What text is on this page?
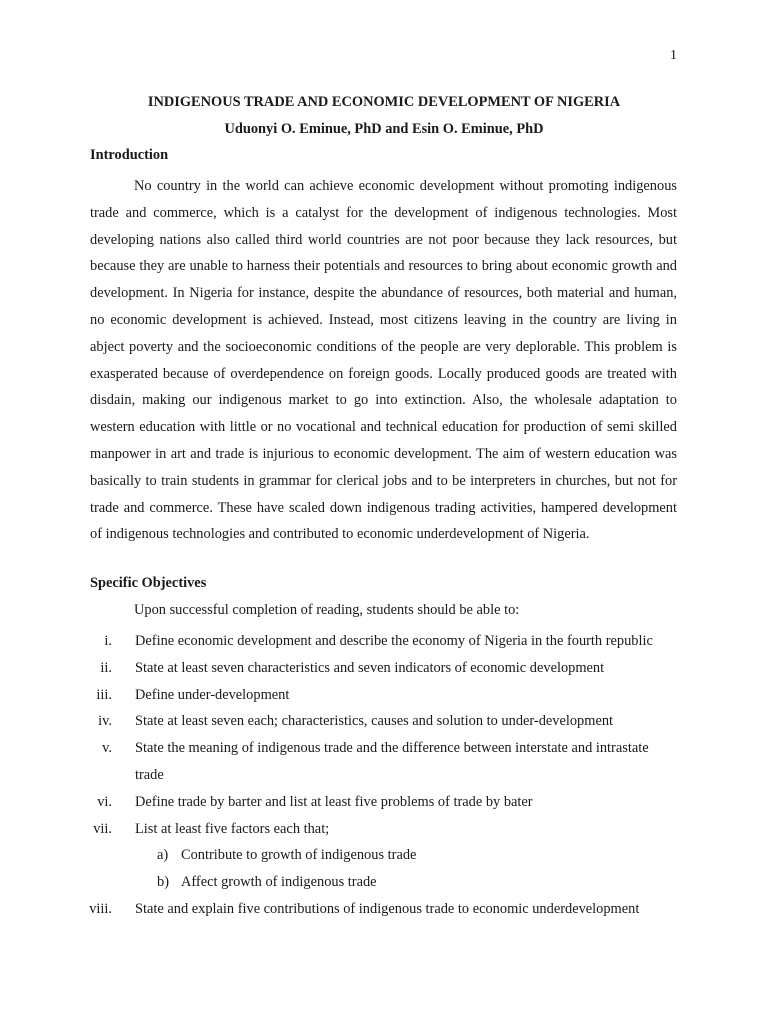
1
INDIGENOUS TRADE AND ECONOMIC DEVELOPMENT OF NIGERIA
Uduonyi O. Eminue, PhD and Esin O. Eminue, PhD
Introduction

No country in the world can achieve economic development without promoting indigenous trade and commerce, which is a catalyst for the development of indigenous technologies. Most developing nations also called third world countries are not poor because they lack resources, but because they are unable to harness their potentials and resources to bring about economic growth and development. In Nigeria for instance, despite the abundance of resources, both material and human, no economic development is achieved. Instead, most citizens leaving in the country are living in abject poverty and the socioeconomic conditions of the people are very deplorable. This problem is exasperated because of overdependence on foreign goods. Locally produced goods are treated with disdain, making our indigenous market to go into extinction. Also, the wholesale adaptation to western education with little or no vocational and technical education for production of semi skilled manpower in art and trade is injurious to economic development. The aim of western education was basically to train students in grammar for clerical jobs and to be interpreters in churches, but not for trade and commerce. These have scaled down indigenous trading activities, hampered development of indigenous technologies and contributed to economic underdevelopment of Nigeria.

Specific Objectives
Upon successful completion of reading, students should be able to:
i. Define economic development and describe the economy of Nigeria in the fourth republic
ii. State at least seven characteristics and seven indicators of economic development
iii. Define under-development
iv. State at least seven each; characteristics, causes and solution to under-development
v. State the meaning of indigenous trade and the difference between interstate and intrastate trade
vi. Define trade by barter and list at least five problems of trade by bater
vii. List at least five factors each that;
a) Contribute to growth of indigenous trade
b) Affect growth of indigenous trade
viii. State and explain five contributions of indigenous trade to economic underdevelopment
